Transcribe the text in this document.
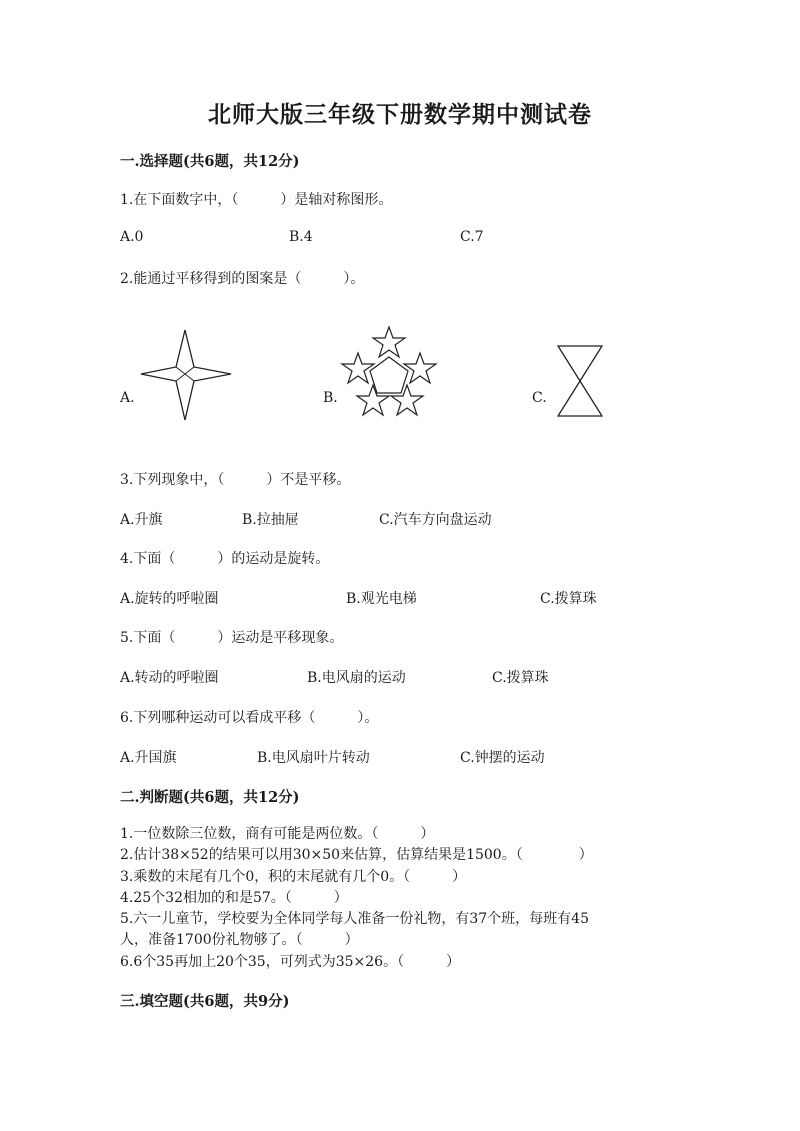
北师大版三年级下册数学期中测试卷
一.选择题(共6题，共12分)
1.在下面数字中，（　　　）是轴对称图形。
A.0	B.4	C.7
2.能通过平移得到的图案是（　　　）。
A.	B.	C.
3.下列现象中，（　　　）不是平移。
A.升旗	B.拉抽屉	C.汽车方向盘运动
4.下面（　　　）的运动是旋转。
A.旋转的呼啦圈	B.观光电梯	C.拨算珠
5.下面（　　　）运动是平移现象。
A.转动的呼啦圈	B.电风扇的运动	C.拨算珠
6.下列哪种运动可以看成平移（　　　）。
A.升国旗	B.电风扇叶片转动	C.钟摆的运动
二.判断题(共6题，共12分)
1.一位数除三位数，商有可能是两位数。（　　　）
2.估计38×52的结果可以用30×50来估算，估算结果是1500。（　　　　）
3.乘数的末尾有几个0，积的末尾就有几个0。（　　　）
4.25个32相加的和是57。（　　　）
5.六一儿童节，学校要为全体同学每人准备一份礼物，有37个班，每班有45
人，准备1700份礼物够了。（　　　）
6.6个35再加上20个35，可列式为35×26。（　　　）
三.填空题(共6题，共9分)
